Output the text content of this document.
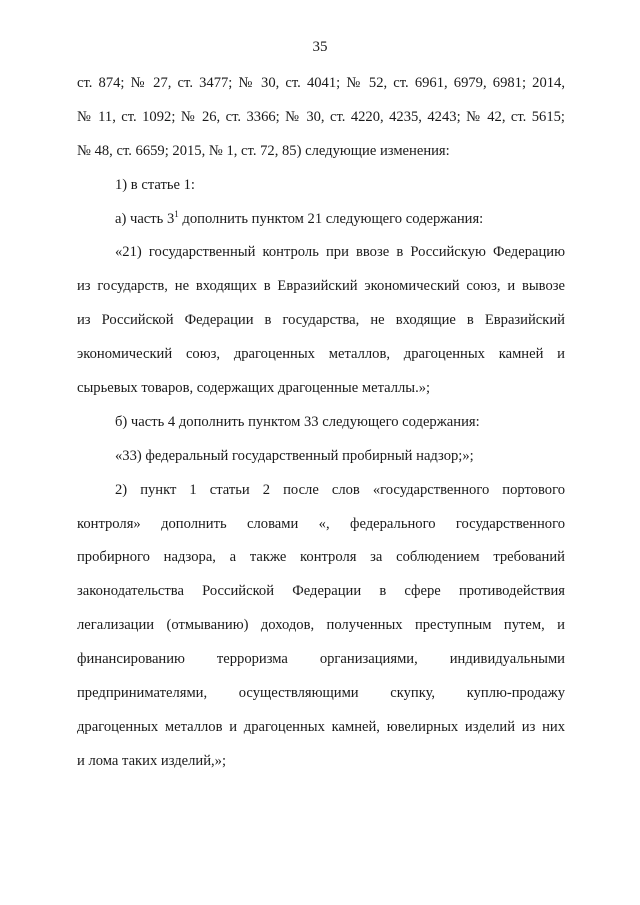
35
ст. 874; № 27, ст. 3477; № 30, ст. 4041; № 52, ст. 6961, 6979, 6981; 2014,
№ 11, ст. 1092; № 26, ст. 3366; № 30, ст. 4220, 4235, 4243; № 42, ст. 5615;
№ 48, ст. 6659; 2015, № 1, ст. 72, 85) следующие изменения:
1) в статье 1:
а) часть $3^1$ дополнить пунктом 21 следующего содержания:
«21) государственный контроль при ввозе в Российскую Федерацию
из государств, не входящих в Евразийский экономический союз, и вывозе
из Российской Федерации в государства, не входящие в Евразийский
экономический союз, драгоценных металлов, драгоценных камней и
сырьевых товаров, содержащих драгоценные металлы.»;
б) часть 4 дополнить пунктом 33 следующего содержания:
«33) федеральный государственный пробирный надзор;»;
2) пункт 1 статьи 2 после слов «государственного портового
контроля» дополнить словами «, федерального государственного
пробирного надзора, а также контроля за соблюдением требований
законодательства Российской Федерации в сфере противодействия
легализации (отмыванию) доходов, полученных преступным путем, и
финансированию терроризма организациями, индивидуальными
предпринимателями, осуществляющими скупку, куплю-продажу
драгоценных металлов и драгоценных камней, ювелирных изделий из них
и лома таких изделий,»;
